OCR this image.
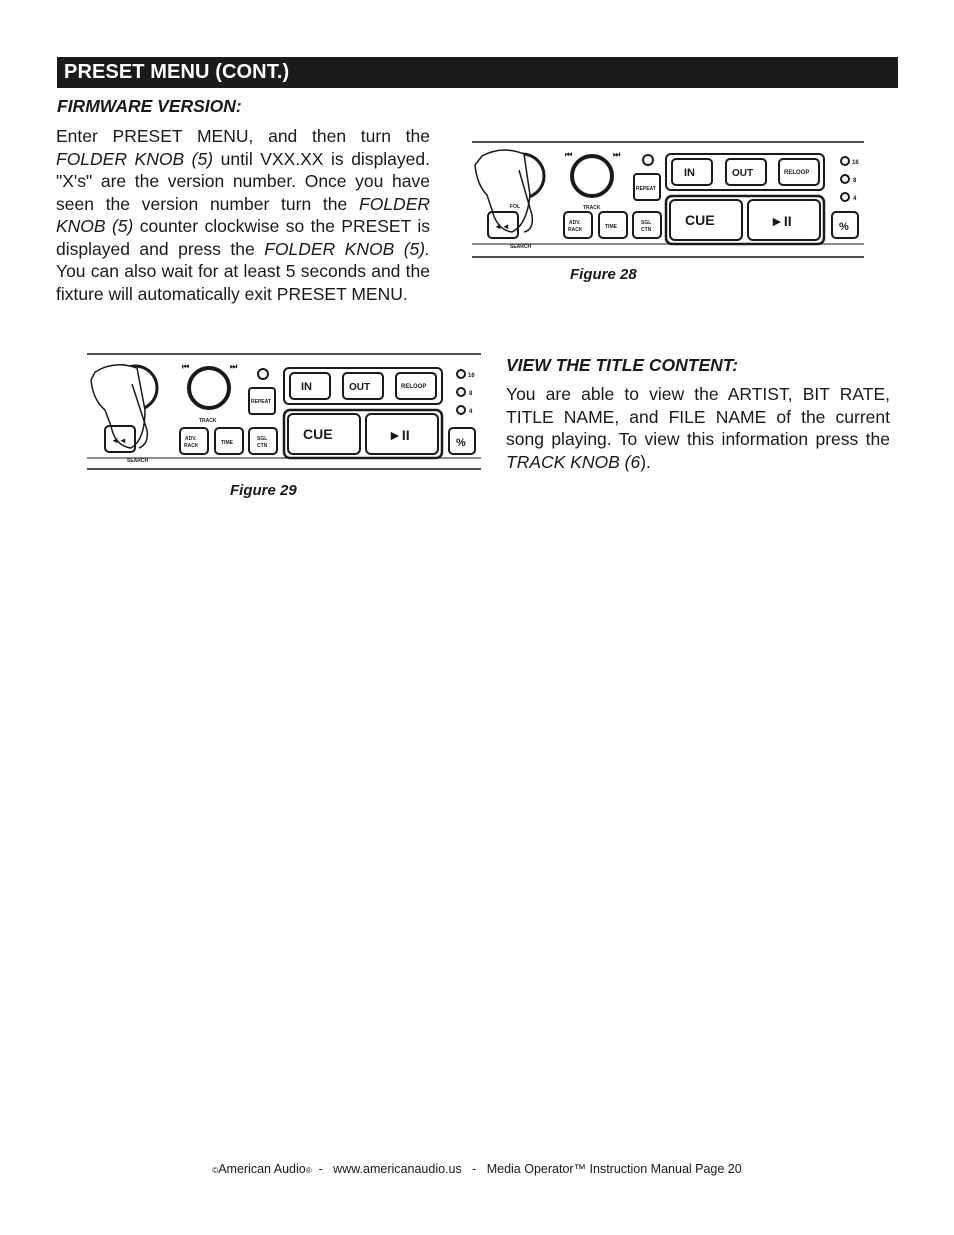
PRESET MENU (CONT.)
FIRMWARE VERSION:
Enter PRESET MENU, and then turn the FOLDER KNOB (5) until VXX.XX is displayed. "X's" are the version number. Once you have seen the version number turn the FOLDER KNOB (5) counter clockwise so the PRESET is displayed and press the FOLDER KNOB (5). You can also wait for at least 5 seconds and the fixture will automatically exit PRESET MENU.
VIEW THE TITLE CONTENT:
You are able to view the ARTIST, BIT RATE, TITLE NAME, and FILE NAME of the current song playing. To view this information press the TRACK KNOB (6).
FOL
⏮	⏭
TRACK
REPEAT
IN	OUT	RELOOP
16
8
4
◄◄
SEARCH
ADV.
RACK	TIME
SGL
CTN
CUE	►II	%
Figure 28
⏮	⏭
TRACK
REPEAT
IN	OUT	RELOOP
16
8
4
◄◄
SEARCH
ADV.
RACK	TIME
SGL
CTN
CUE	►II	%
Figure 29
©American Audio®  -   www.americanaudio.us   -   Media Operator™ Instruction Manual Page 20
